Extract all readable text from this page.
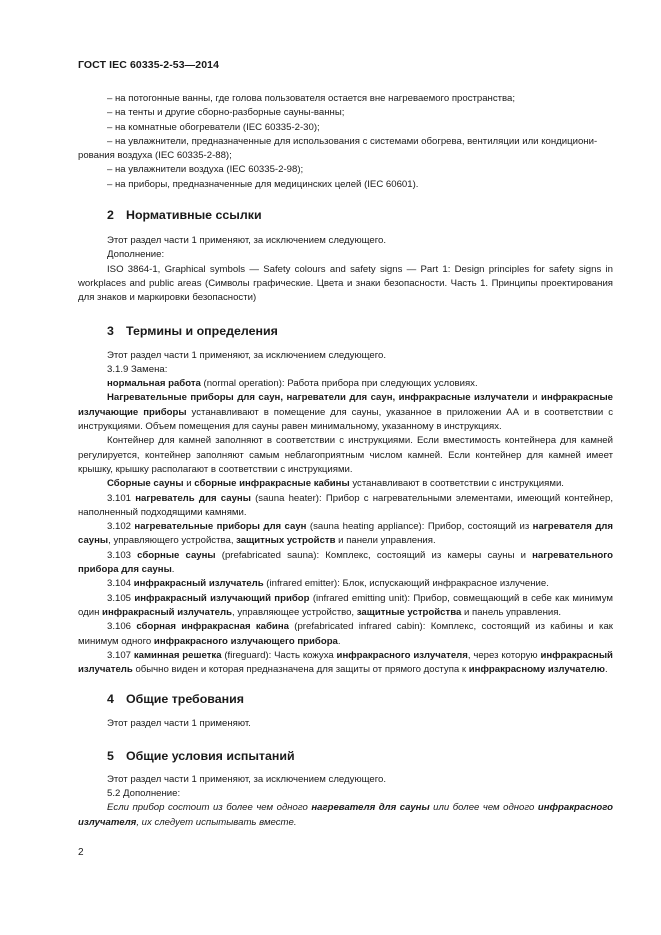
ГОСТ IEC 60335-2-53—2014

– на потогонные ванны, где голова пользователя остается вне нагреваемого пространства;

– на тенты и другие сборно-разборные сауны-ванны;

– на комнатные обогреватели (IEC 60335-2-30);

– на увлажнители, предназначенные для использования с системами обогрева, вентиляции или кондициони-

рования воздуха (IEC 60335-2-88);

– на увлажнители воздуха (IEC 60335-2-98);

– на приборы, предназначенные для медицинских целей (IEC 60601).

2 Нормативные ссылки

Этот раздел части 1 применяют, за исключением следующего.

Дополнение:

ISO 3864-1, Graphical symbols — Safety colours and safety signs — Part 1: Design principles for safety signs in workplaces and public areas (Символы графические. Цвета и знаки безопасности. Часть 1. Принципы проектирования для знаков и маркировки безопасности)

3 Термины и определения

Этот раздел части 1 применяют, за исключением следующего.

3.1.9 Замена:

нормальная работа (normal operation): Работа прибора при следующих условиях.

Нагревательные приборы для саун, нагреватели для саун, инфракрасные излучатели и инфракрасные излучающие приборы устанавливают в помещение для сауны, указанное в приложении АА и в соответствии с инструкциями. Объем помещения для сауны равен минимальному, указанному в инструкциях.

Контейнер для камней заполняют в соответствии с инструкциями. Если вместимость контейнера для камней регулируется, контейнер заполняют самым неблагоприятным числом камней. Если контейнер для камней имеет крышку, крышку располагают в соответствии с инструкциями.

Сборные сауны и сборные инфракрасные кабины устанавливают в соответствии с инструкциями.

3.101 нагреватель для сауны (sauna heater): Прибор с нагревательными элементами, имеющий контейнер, наполненный подходящими камнями.

3.102 нагревательные приборы для саун (sauna heating appliance): Прибор, состоящий из нагревателя для сауны, управляющего устройства, защитных устройств и панели управления.

3.103 сборные сауны (prefabricated sauna): Комплекс, состоящий из камеры сауны и нагревательного прибора для сауны.

3.104 инфракрасный излучатель (infrared emitter): Блок, испускающий инфракрасное излучение.

3.105 инфракрасный излучающий прибор (infrared emitting unit): Прибор, совмещающий в себе как минимум один инфракрасный излучатель, управляющее устройство, защитные устройства и панель управления.

3.106 сборная инфракрасная кабина (prefabricated infrared cabin): Комплекс, состоящий из кабины и как минимум одного инфракрасного излучающего прибора.

3.107 каминная решетка (fireguard): Часть кожуха инфракрасного излучателя, через которую инфракрасный излучатель обычно виден и которая предназначена для защиты от прямого доступа к инфракрасному излучателю.

4 Общие требования

Этот раздел части 1 применяют.

5 Общие условия испытаний

Этот раздел части 1 применяют, за исключением следующего.

5.2 Дополнение:

Если прибор состоит из более чем одного нагревателя для сауны или более чем одного инфракрасного излучателя, их следует испытывать вместе.

2
